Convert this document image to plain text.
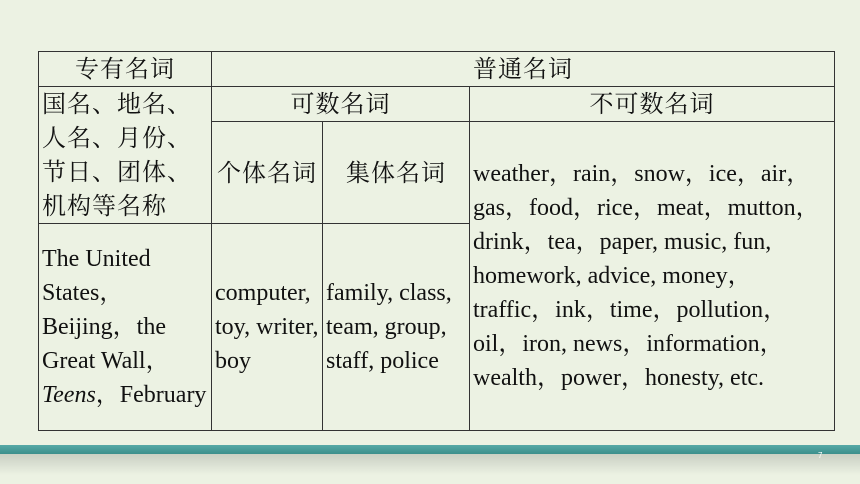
专有名词	普通名词		
国名、地名、人名、月份、节日、团体、机构等名称	可数名词		不可数名词
	个体名词	集体名词	weather，rain，snow，ice，air，gas，food，rice，meat，mutton，drink，tea，paper, music, fun, homework, advice, money，traffic，ink，time，pollution，oil，iron, news，information，wealth，power，honesty, etc.
The United States，Beijing，the Great Wall，Teens，February	computer, toy, writer, boy	family, class, team, group, staff, police	
7
